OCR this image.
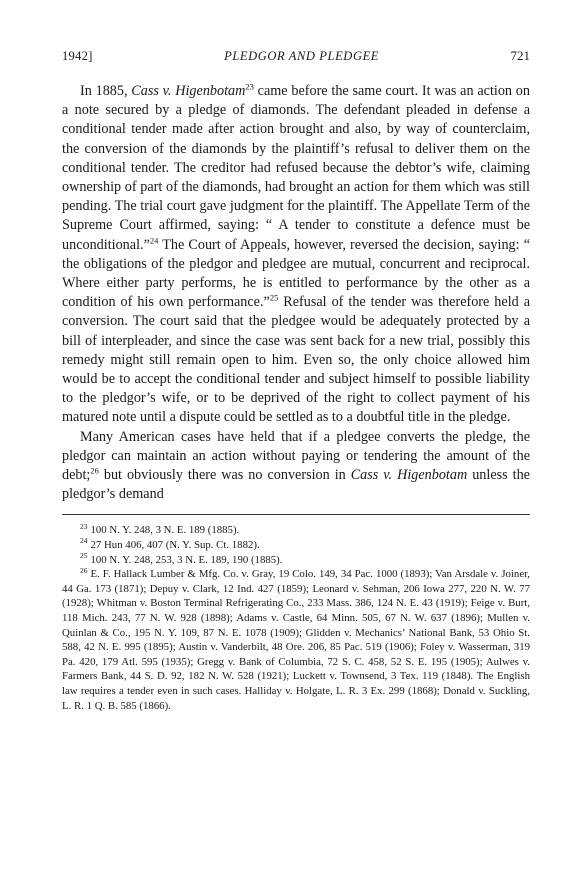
1942]	PLEDGOR AND PLEDGEE	721

In 1885, Cass v. Higenbotam$^{23}$ came before the same court. It was an action on a note secured by a pledge of diamonds. The defendant pleaded in defense a conditional tender made after action brought and also, by way of counterclaim, the conversion of the diamonds by the plaintiff’s refusal to deliver them on the conditional tender. The creditor had refused because the debtor’s wife, claiming ownership of part of the diamonds, had brought an action for them which was still pending. The trial court gave judgment for the plaintiff. The Appellate Term of the Supreme Court affirmed, saying: “ A tender to constitute a defence must be unconditional.”$^{24}$ The Court of Appeals, however, reversed the decision, saying: “ the obligations of the pledgor and pledgee are mutual, concurrent and reciprocal. Where either party performs, he is entitled to performance by the other as a condition of his own performance.”$^{25}$ Refusal of the tender was therefore held a conversion. The court said that the pledgee would be adequately protected by a bill of interpleader, and since the case was sent back for a new trial, possibly this remedy might still remain open to him. Even so, the only choice allowed him would be to accept the conditional tender and subject himself to possible liability to the pledgor’s wife, or to be deprived of the right to collect payment of his matured note until a dispute could be settled as to a doubtful title in the pledge.

Many American cases have held that if a pledgee converts the pledge, the pledgor can maintain an action without paying or tendering the amount of the debt;$^{26}$ but obviously there was no conversion in Cass v. Higenbotam unless the pledgor’s demand

$^{23}$ 100 N. Y. 248, 3 N. E. 189 (1885).

$^{24}$ 27 Hun 406, 407 (N. Y. Sup. Ct. 1882).

$^{25}$ 100 N. Y. 248, 253, 3 N. E. 189, 190 (1885).

$^{26}$ E. F. Hallack Lumber & Mfg. Co. v. Gray, 19 Colo. 149, 34 Pac. 1000 (1893); Van Arsdale v. Joiner, 44 Ga. 173 (1871); Depuy v. Clark, 12 Ind. 427 (1859); Leonard v. Sehman, 206 Iowa 277, 220 N. W. 77 (1928); Whitman v. Boston Terminal Refrigerating Co., 233 Mass. 386, 124 N. E. 43 (1919); Feige v. Burt, 118 Mich. 243, 77 N. W. 928 (1898); Adams v. Castle, 64 Minn. 505, 67 N. W. 637 (1896); Mullen v. Quinlan & Co., 195 N. Y. 109, 87 N. E. 1078 (1909); Glidden v. Mechanics’ National Bank, 53 Ohio St. 588, 42 N. E. 995 (1895); Austin v. Vanderbilt, 48 Ore. 206, 85 Pac. 519 (1906); Foley v. Wasserman, 319 Pa. 420, 179 Atl. 595 (1935); Gregg v. Bank of Columbia, 72 S. C. 458, 52 S. E. 195 (1905); Aulwes v. Farmers Bank, 44 S. D. 92, 182 N. W. 528 (1921); Luckett v. Townsend, 3 Tex. 119 (1848). The English law requires a tender even in such cases. Halliday v. Holgate, L. R. 3 Ex. 299 (1868); Donald v. Suckling, L. R. 1 Q. B. 585 (1866).
